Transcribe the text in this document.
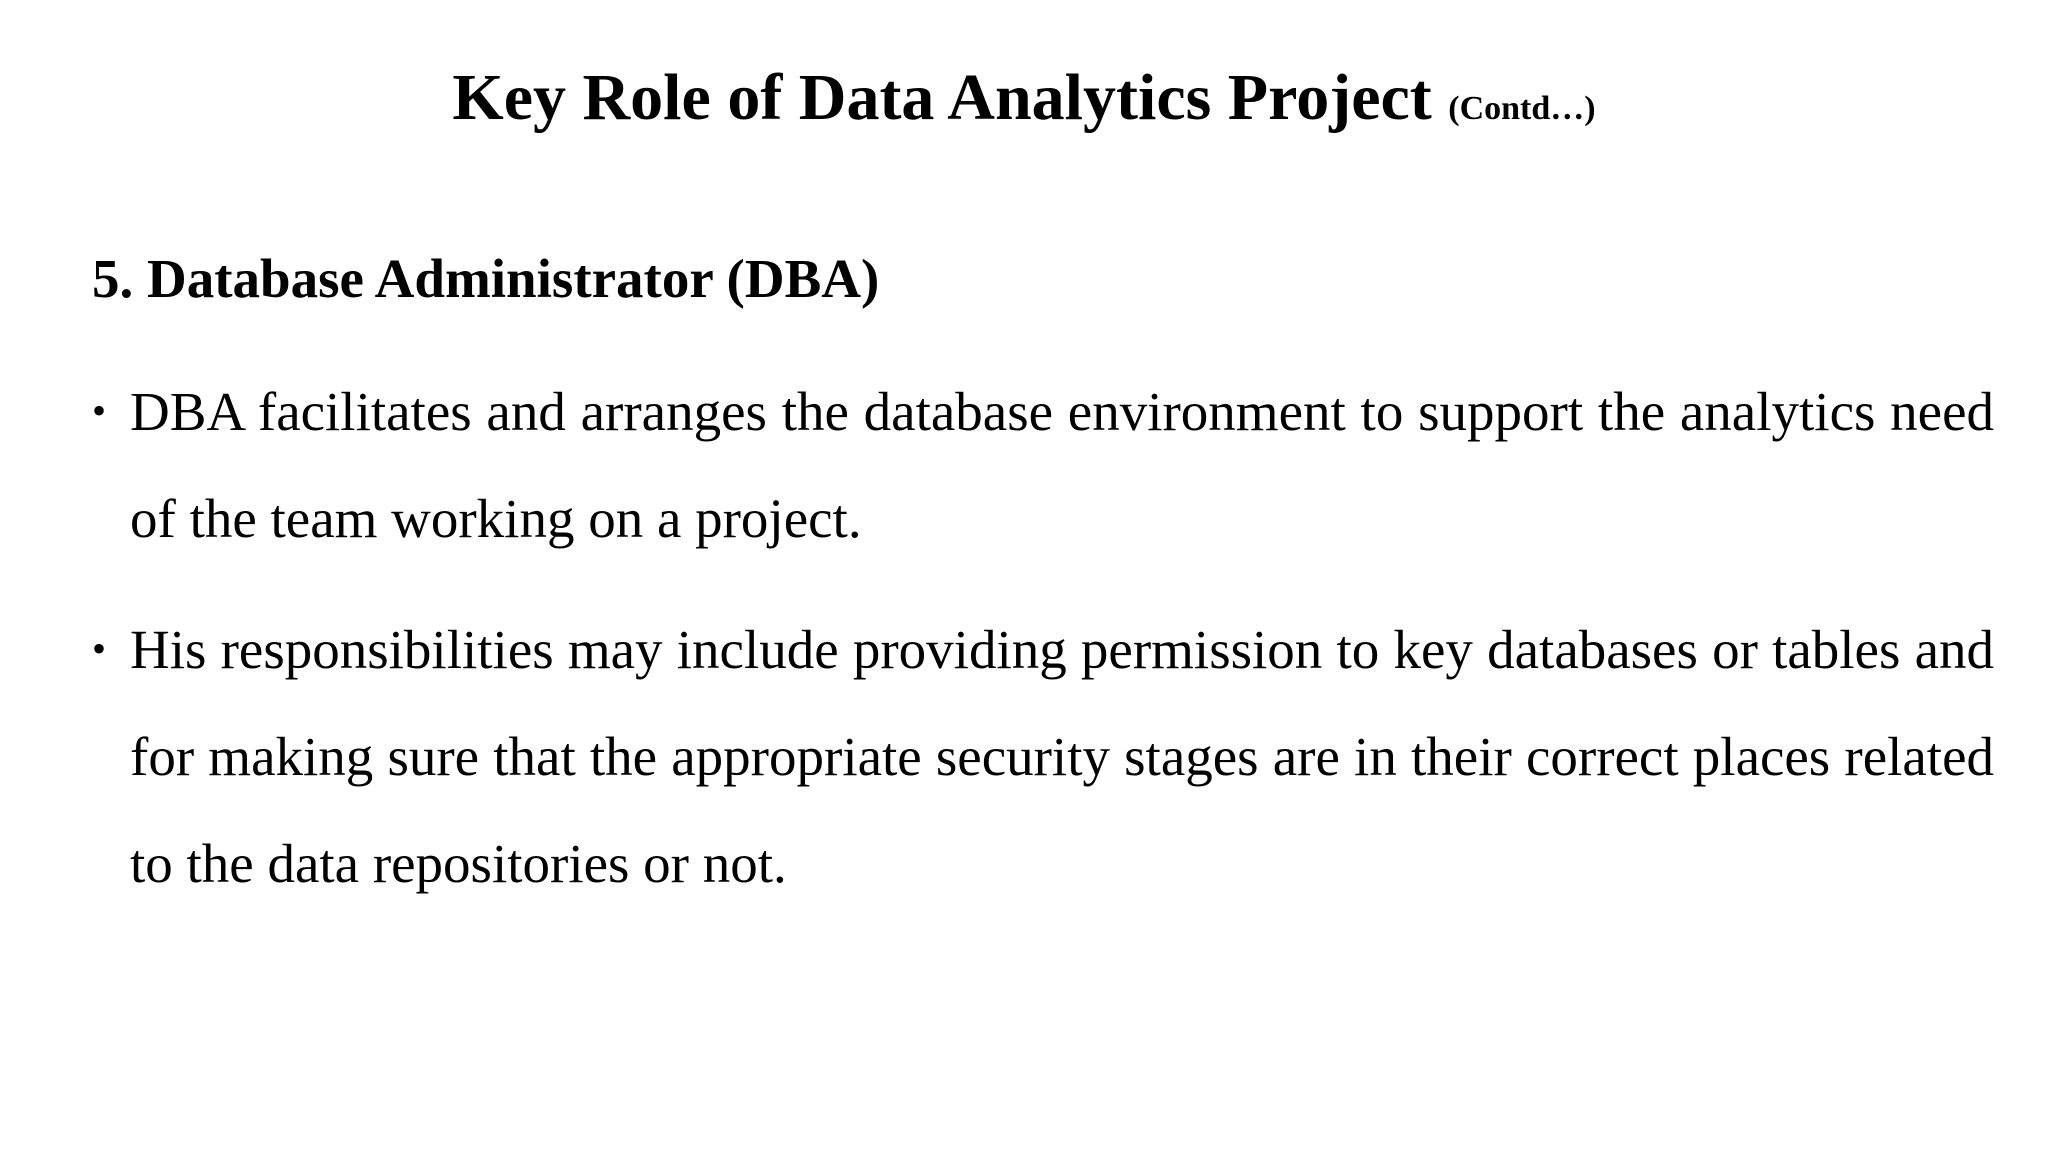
Key Role of Data Analytics Project (Contd…)
5. Database Administrator (DBA)
• DBA facilitates and arranges the database environment to support the analytics need of the team working on a project.
• His responsibilities may include providing permission to key databases or tables and for making sure that the appropriate security stages are in their correct places related to the data repositories or not.
